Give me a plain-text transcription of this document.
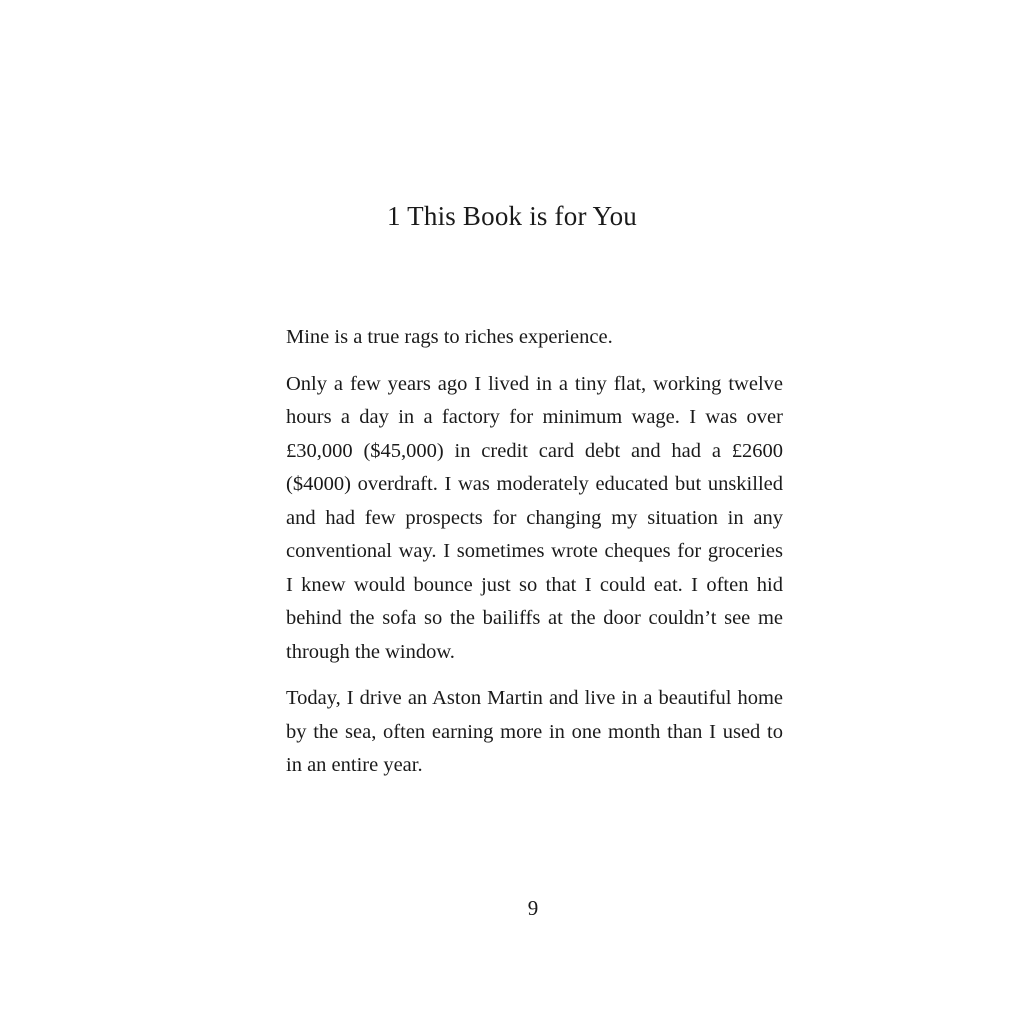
1 This Book is for You

Mine is a true rags to riches experience.

Only a few years ago I lived in a tiny flat, working twelve hours a day in a factory for minimum wage. I was over £30,000 ($45,000) in credit card debt and had a £2600 ($4000) overdraft. I was moderately educated but unskilled and had few prospects for changing my situation in any conventional way. I sometimes wrote cheques for groceries I knew would bounce just so that I could eat. I often hid behind the sofa so the bailiffs at the door couldn’t see me through the window.

Today, I drive an Aston Martin and live in a beautiful home by the sea, often earning more in one month than I used to in an entire year.

9
